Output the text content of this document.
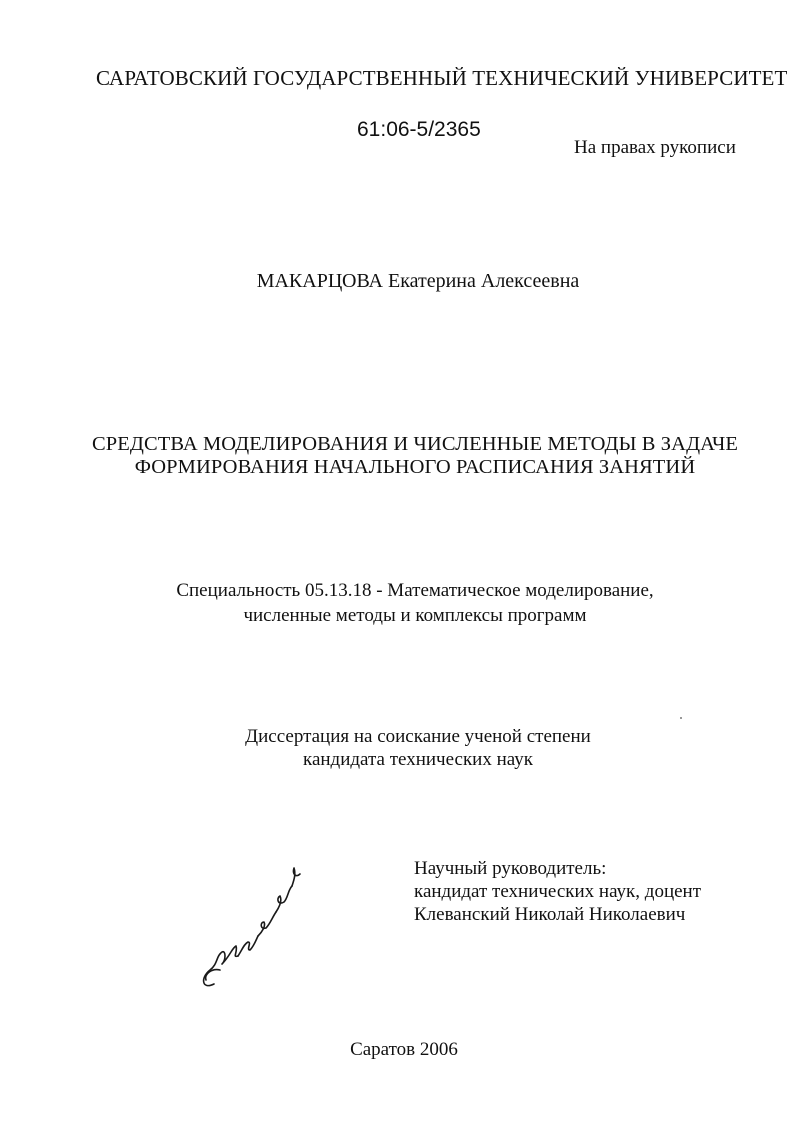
САРАТОВСКИЙ ГОСУДАРСТВЕННЫЙ ТЕХНИЧЕСКИЙ УНИВЕРСИТЕТ
61:06-5/2365
На правах рукописи
МАКАРЦОВА Екатерина Алексеевна
СРЕДСТВА МОДЕЛИРОВАНИЯ И ЧИСЛЕННЫЕ МЕТОДЫ В ЗАДАЧЕ
ФОРМИРОВАНИЯ НАЧАЛЬНОГО РАСПИСАНИЯ ЗАНЯТИЙ
Специальность 05.13.18 - Математическое моделирование,
численные методы и комплексы программ
Диссертация на соискание ученой степени
кандидата технических наук
Научный руководитель:
кандидат технических наук, доцент
Клеванский Николай Николаевич
Саратов 2006
